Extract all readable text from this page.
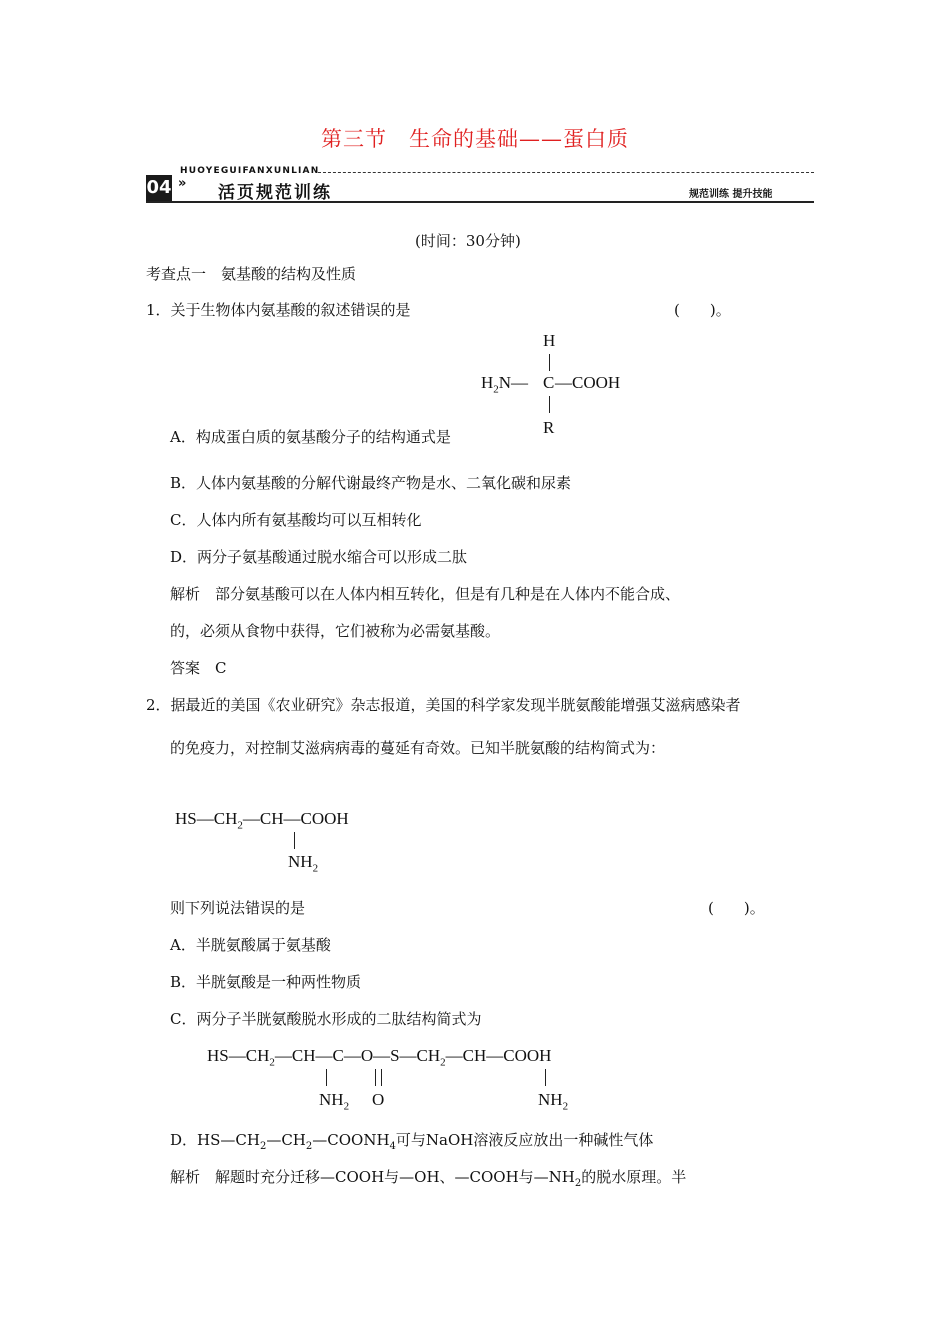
第三节　生命的基础——蛋白质
HUOYEGUIFANXUNLIAN
04 » 活页规范训练	规范训练 提升技能
(时间：30分钟)
考查点一　氨基酸的结构及性质
1．关于生物体内氨基酸的叙述错误的是	(　　)。
H
$H_2N—$ C —COOH
R
A．构成蛋白质的氨基酸分子的结构通式是
B．人体内氨基酸的分解代谢最终产物是水、二氧化碳和尿素
C．人体内所有氨基酸均可以互相转化
D．两分子氨基酸通过脱水缩合可以形成二肽
解析　部分氨基酸可以在人体内相互转化，但是有几种是在人体内不能合成、
的，必须从食物中获得，它们被称为必需氨基酸。
答案　C
2．据最近的美国《农业研究》杂志报道，美国的科学家发现半胱氨酸能增强艾滋病感染者
的免疫力，对控制艾滋病病毒的蔓延有奇效。已知半胱氨酸的结构简式为：
$HS—CH_2—CH—COOH$
$NH_2$
则下列说法错误的是	(　　)。
A．半胱氨酸属于氨基酸
B．半胱氨酸是一种两性物质
C．两分子半胱氨酸脱水形成的二肽结构简式为
$HS—CH_2—CH—C—O—S—CH_2—CH—COOH$
$NH_2$ O	$NH_2$
D．$HS—CH_2—CH_2—COONH_4$可与NaOH溶液反应放出一种碱性气体
解析　解题时充分迁移—COOH与—OH、—COOH与$—NH_2$的脱水原理。半
